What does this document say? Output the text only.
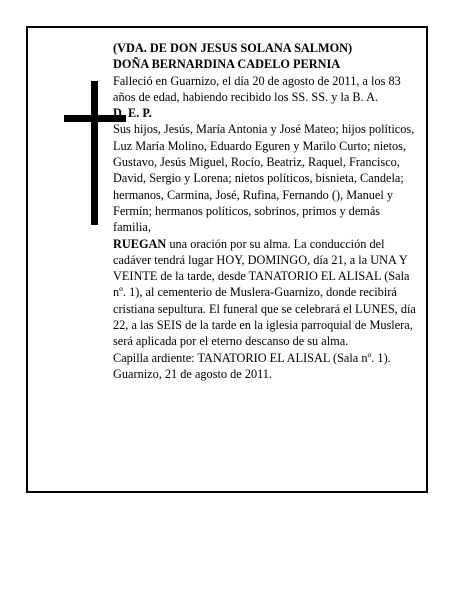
(VDA. DE DON JESUS SOLANA SALMON)

DOÑA BERNARDINA CADELO PERNIA

Falleció en Guarnizo, el día 20 de agosto de 2011, a los 83 años de edad, habiendo recibido los SS. SS. y la B. A.

D. E. P.

Sus hijos, Jesús, María Antonia y José Mateo; hijos políticos, Luz María Molino, Eduardo Eguren y Marilo Curto; nietos, Gustavo, Jesús Miguel, Rocío, Beatriz, Raquel, Francisco, David, Sergio y Lorena; nietos políticos, bisnieta, Candela; hermanos, Carmina, José, Rufina, Fernando (), Manuel y Fermín; hermanos políticos, sobrinos, primos y demás familia,

RUEGAN una oración por su alma. La conducción del cadáver tendrá lugar HOY, DOMINGO, día 21, a la UNA Y VEINTE de la tarde, desde TANATORIO EL ALISAL (Sala nº. 1), al cementerio de Muslera-Guarnizo, donde recibirá cristiana sepultura. El funeral que se celebrará el LUNES, día 22, a las SEIS de la tarde en la iglesia parroquial de Muslera, será aplicada por el eterno descanso de su alma.

Capilla ardiente: TANATORIO EL ALISAL (Sala nº. 1).

Guarnizo, 21 de agosto de 2011.
